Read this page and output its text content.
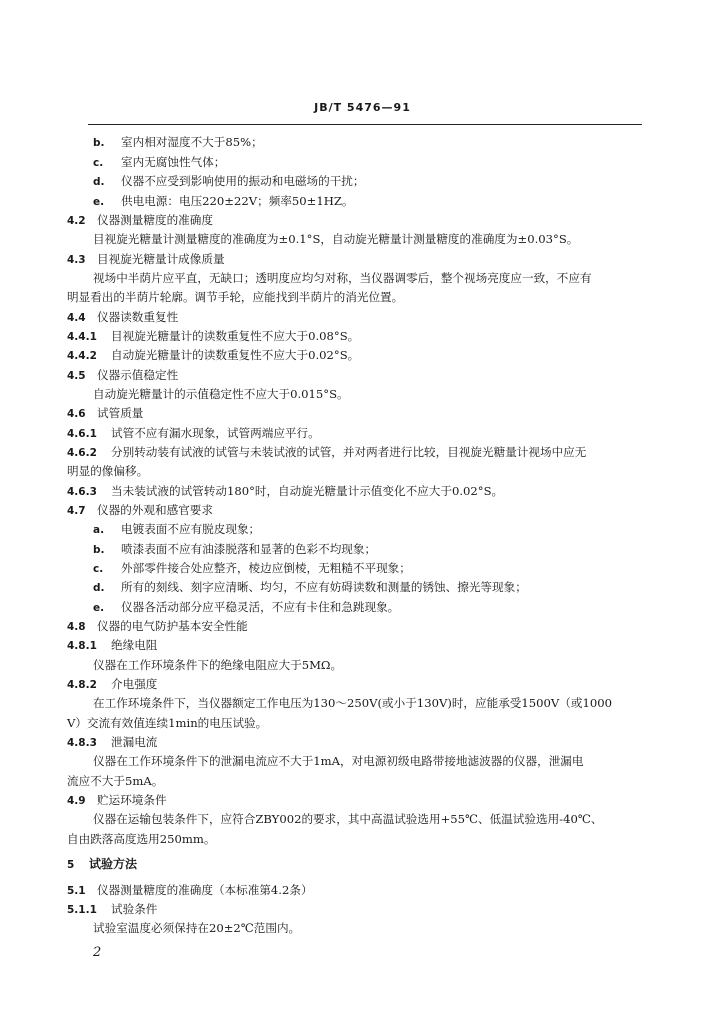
JB/T 5476—91
b. 室内相对湿度不大于85%；
c. 室内无腐蚀性气体；
d. 仪器不应受到影响使用的振动和电磁场的干扰；
e. 供电电源：电压220±22V；频率50±1HZ。
4.2 仪器测量糖度的准确度
目视旋光糖量计测量糖度的准确度为±0.1°S，自动旋光糖量计测量糖度的准确度为±0.03°S。
4.3 目视旋光糖量计成像质量
视场中半荫片应平直，无缺口；透明度应均匀对称，当仪器调零后，整个视场亮度应一致，不应有
明显看出的半荫片轮廓。调节手轮，应能找到半荫片的消光位置。
4.4 仪器读数重复性
4.4.1 目视旋光糖量计的读数重复性不应大于0.08°S。
4.4.2 自动旋光糖量计的读数重复性不应大于0.02°S。
4.5 仪器示值稳定性
自动旋光糖量计的示值稳定性不应大于0.015°S。
4.6 试管质量
4.6.1 试管不应有漏水现象，试管两端应平行。
4.6.2 分别转动装有试液的试管与未装试液的试管，并对两者进行比较，目视旋光糖量计视场中应无
明显的像偏移。
4.6.3 当未装试液的试管转动180°时，自动旋光糖量计示值变化不应大于0.02°S。
4.7 仪器的外观和感官要求
a. 电镀表面不应有脱皮现象；
b. 喷漆表面不应有油漆脱落和显著的色彩不均现象；
c. 外部零件接合处应整齐，棱边应倒棱，无粗糙不平现象；
d. 所有的刻线、刻字应清晰、均匀，不应有妨碍读数和测量的锈蚀、擦光等现象；
e. 仪器各活动部分应平稳灵活，不应有卡住和急跳现象。
4.8 仪器的电气防护基本安全性能
4.8.1 绝缘电阻
仪器在工作环境条件下的绝缘电阻应大于5MΩ。
4.8.2 介电强度
在工作环境条件下，当仪器额定工作电压为130～250V(或小于130V)时，应能承受1500V（或1000
V）交流有效值连续1min的电压试验。
4.8.3 泄漏电流
仪器在工作环境条件下的泄漏电流应不大于1mA，对电源初级电路带接地滤波器的仪器，泄漏电
流应不大于5mA。
4.9 贮运环境条件
仪器在运输包装条件下，应符合ZBY002的要求，其中高温试验选用+55℃、低温试验选用-40℃、
自由跌落高度选用250mm。
5 试验方法
5.1 仪器测量糖度的准确度（本标准第4.2条）
5.1.1 试验条件
试验室温度必须保持在20±2℃范围内。
2
